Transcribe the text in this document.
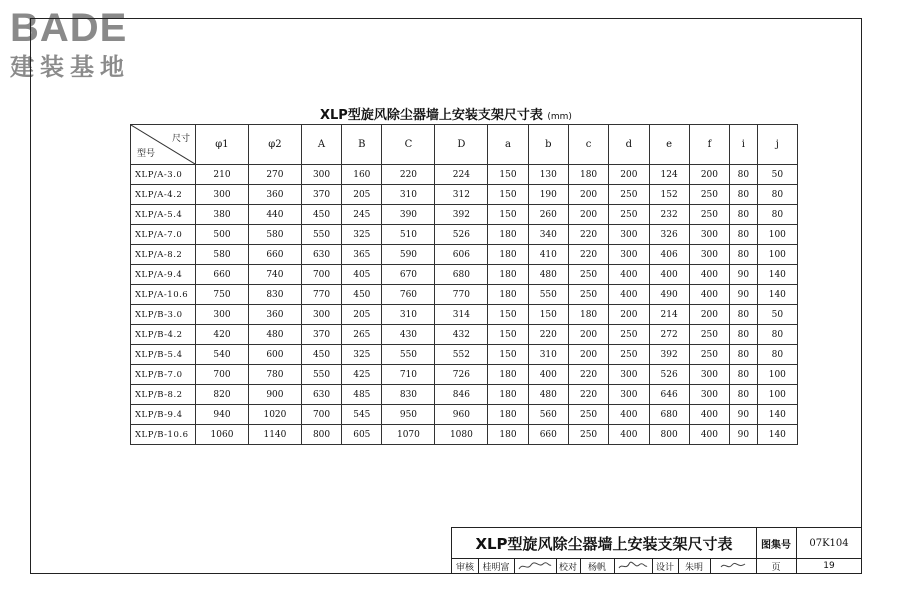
BADE
建装基地
XLP型旋风除尘器墙上安装支架尺寸表 (mm)
尺寸
型号	φ1	φ2	A	B	C	D	a	b	c	d	e	f	i	j
XLP/A-3.0	210	270	300	160	220	224	150	130	180	200	124	200	80	50
XLP/A-4.2	300	360	370	205	310	312	150	190	200	250	152	250	80	80
XLP/A-5.4	380	440	450	245	390	392	150	260	200	250	232	250	80	80
XLP/A-7.0	500	580	550	325	510	526	180	340	220	300	326	300	80	100
XLP/A-8.2	580	660	630	365	590	606	180	410	220	300	406	300	80	100
XLP/A-9.4	660	740	700	405	670	680	180	480	250	400	400	400	90	140
XLP/A-10.6	750	830	770	450	760	770	180	550	250	400	490	400	90	140
XLP/B-3.0	300	360	300	205	310	314	150	150	180	200	214	200	80	50
XLP/B-4.2	420	480	370	265	430	432	150	220	200	250	272	250	80	80
XLP/B-5.4	540	600	450	325	550	552	150	310	200	250	392	250	80	80
XLP/B-7.0	700	780	550	425	710	726	180	400	220	300	526	300	80	100
XLP/B-8.2	820	900	630	485	830	846	180	480	220	300	646	300	80	100
XLP/B-9.4	940	1020	700	545	950	960	180	560	250	400	680	400	90	140
XLP/B-10.6	1060	1140	800	605	1070	1080	180	660	250	400	800	400	90	140
XLP型旋风除尘器墙上安装支架尺寸表	图集号	07K104
审核 桂明富	校对	杨帆	设计	朱明	页	19
